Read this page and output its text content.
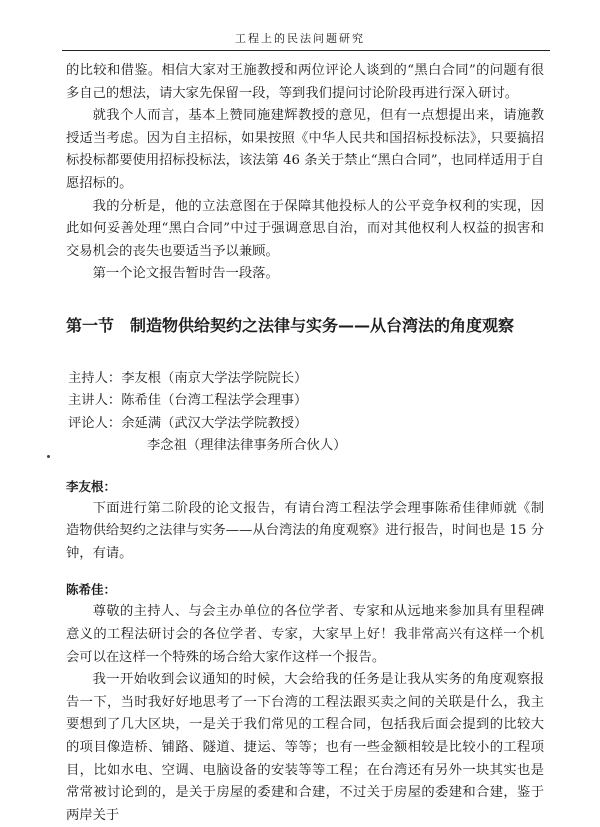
工程上的民法问题研究

的比较和借鉴。相信大家对王施教授和两位评论人谈到的“黑白合同”的问题有很多自己的想法，请大家先保留一段，等到我们提问讨论阶段再进行深入研讨。

就我个人而言，基本上赞同施建辉教授的意见，但有一点想提出来，请施教授适当考虑。因为自主招标，如果按照《中华人民共和国招标投标法》，只要搞招标投标都要使用招标投标法，该法第 46 条关于禁止“黑白合同”，也同样适用于自愿招标的。

我的分析是，他的立法意图在于保障其他投标人的公平竞争权利的实现，因此如何妥善处理“黑白合同”中过于强调意思自治，而对其他权利人权益的损害和交易机会的丧失也要适当予以兼顾。

第一个论文报告暂时告一段落。

第一节　制造物供给契约之法律与实务——从台湾法的角度观察
主持人：李友根（南京大学法学院院长）
主讲人：陈希佳（台湾工程法学会理事）
评论人：余延满（武汉大学法学院教授）
李念祖（理律法律事务所合伙人）

李友根：

下面进行第二阶段的论文报告，有请台湾工程法学会理事陈希佳律师就《制造物供给契约之法律与实务——从台湾法的角度观察》进行报告，时间也是 15 分钟，有请。

陈希佳：

尊敬的主持人、与会主办单位的各位学者、专家和从远地来参加具有里程碑意义的工程法研讨会的各位学者、专家，大家早上好！我非常高兴有这样一个机会可以在这样一个特殊的场合给大家作这样一个报告。

我一开始收到会议通知的时候，大会给我的任务是让我从实务的角度观察报告一下，当时我好好地思考了一下台湾的工程法跟买卖之间的关联是什么，我主要想到了几大区块，一是关于我们常见的工程合同，包括我后面会提到的比较大的项目像造桥、铺路、隧道、捷运、等等；也有一些金额相较是比较小的工程项目，比如水电、空调、电脑设备的安装等等工程；在台湾还有另外一块其实也是常常被讨论到的，是关于房屋的委建和合建，不过关于房屋的委建和合建，鉴于两岸关于
